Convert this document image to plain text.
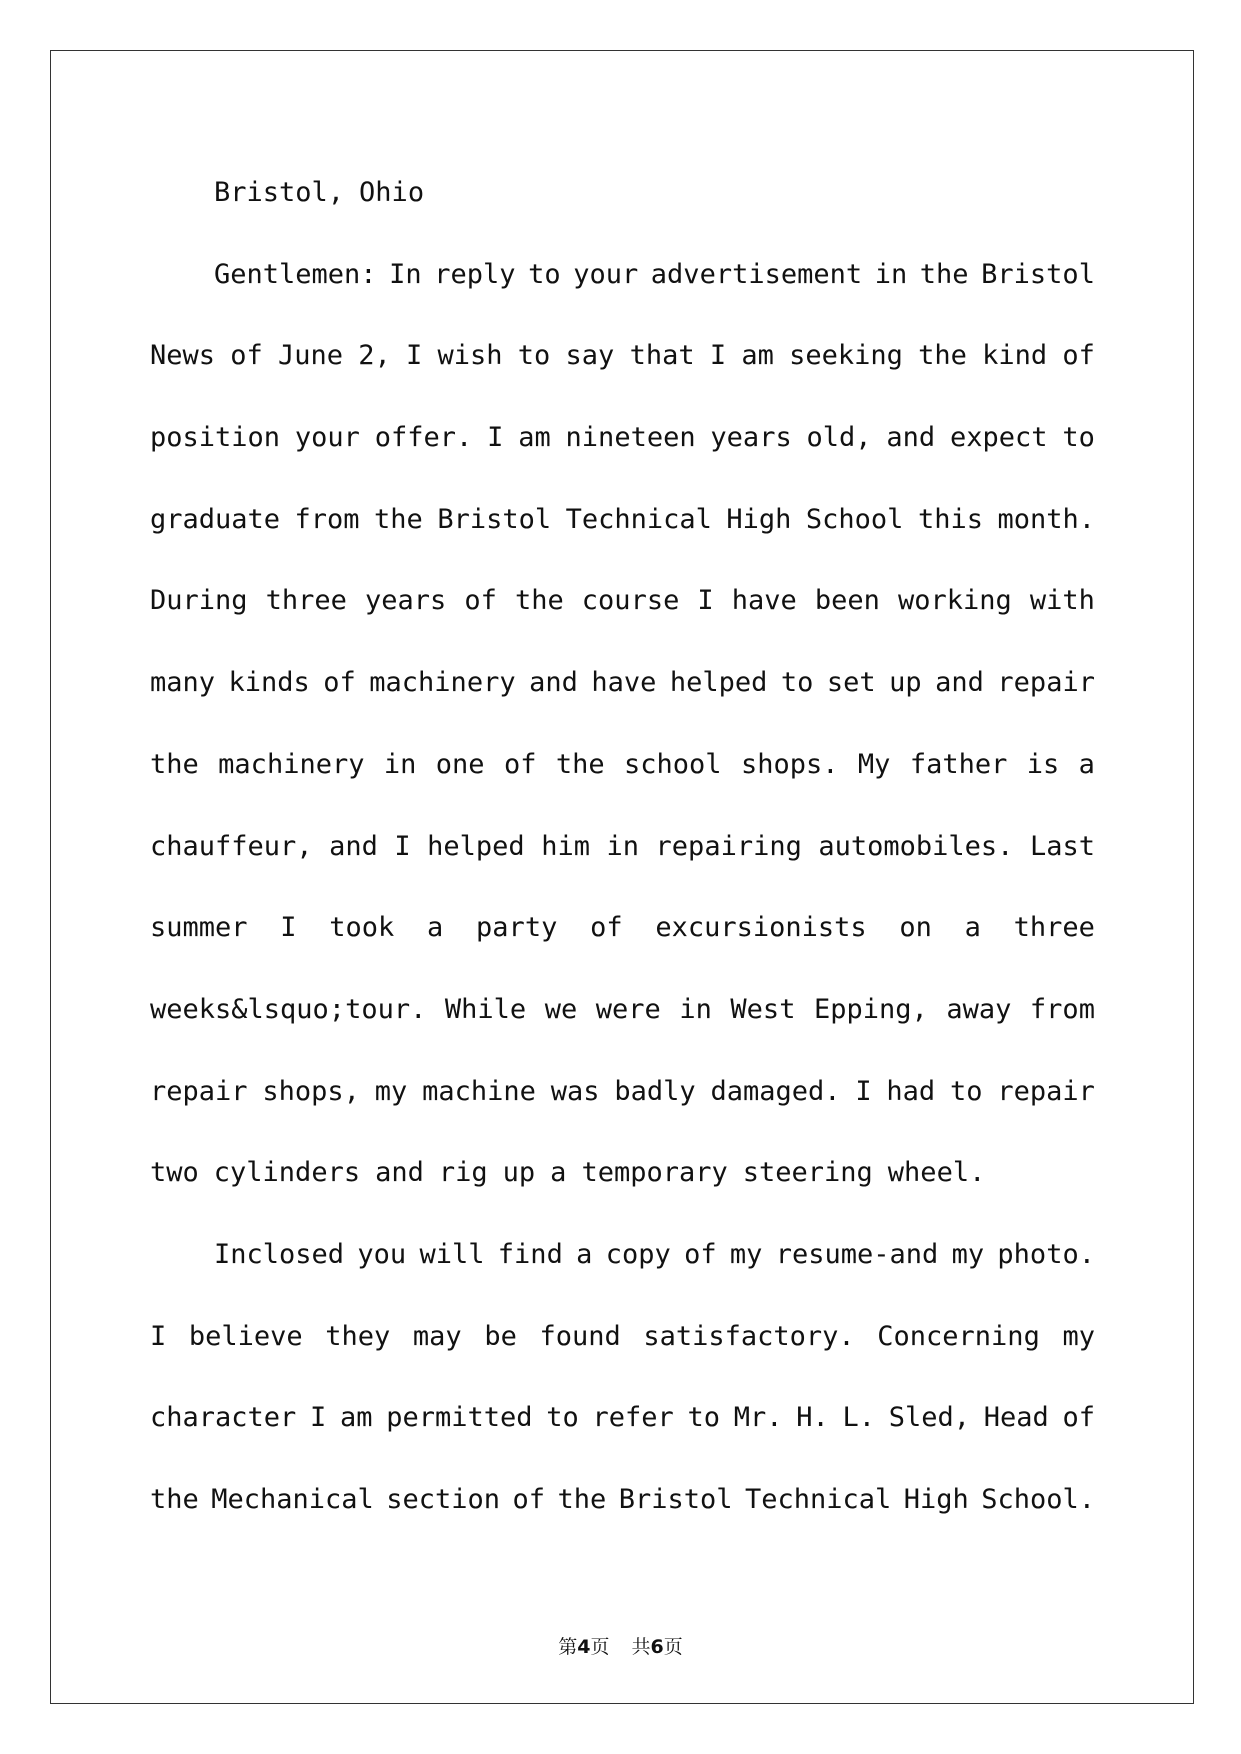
Bristol, Ohio
Gentlemen: In reply to your advertisement in the Bristol
News of June 2, I wish to say that I am seeking the kind of
position your offer. I am nineteen years old, and expect to
graduate from the Bristol Technical High School this month.
During three years of the course I have been working with
many kinds of machinery and have helped to set up and repair
the machinery in one of the school shops. My father is a
chauffeur, and I helped him in repairing automobiles. Last
summer I took a party of excursionists on a three
weeks&lsquo;tour. While we were in West Epping, away from
repair shops, my machine was badly damaged. I had to repair
two cylinders and rig up a temporary steering wheel.
Inclosed you will find a copy of my resume-and my photo.
I believe they may be found satisfactory. Concerning my
character I am permitted to refer to Mr. H. L. Sled, Head of
the Mechanical section of the Bristol Technical High School.
第4页 共6页
